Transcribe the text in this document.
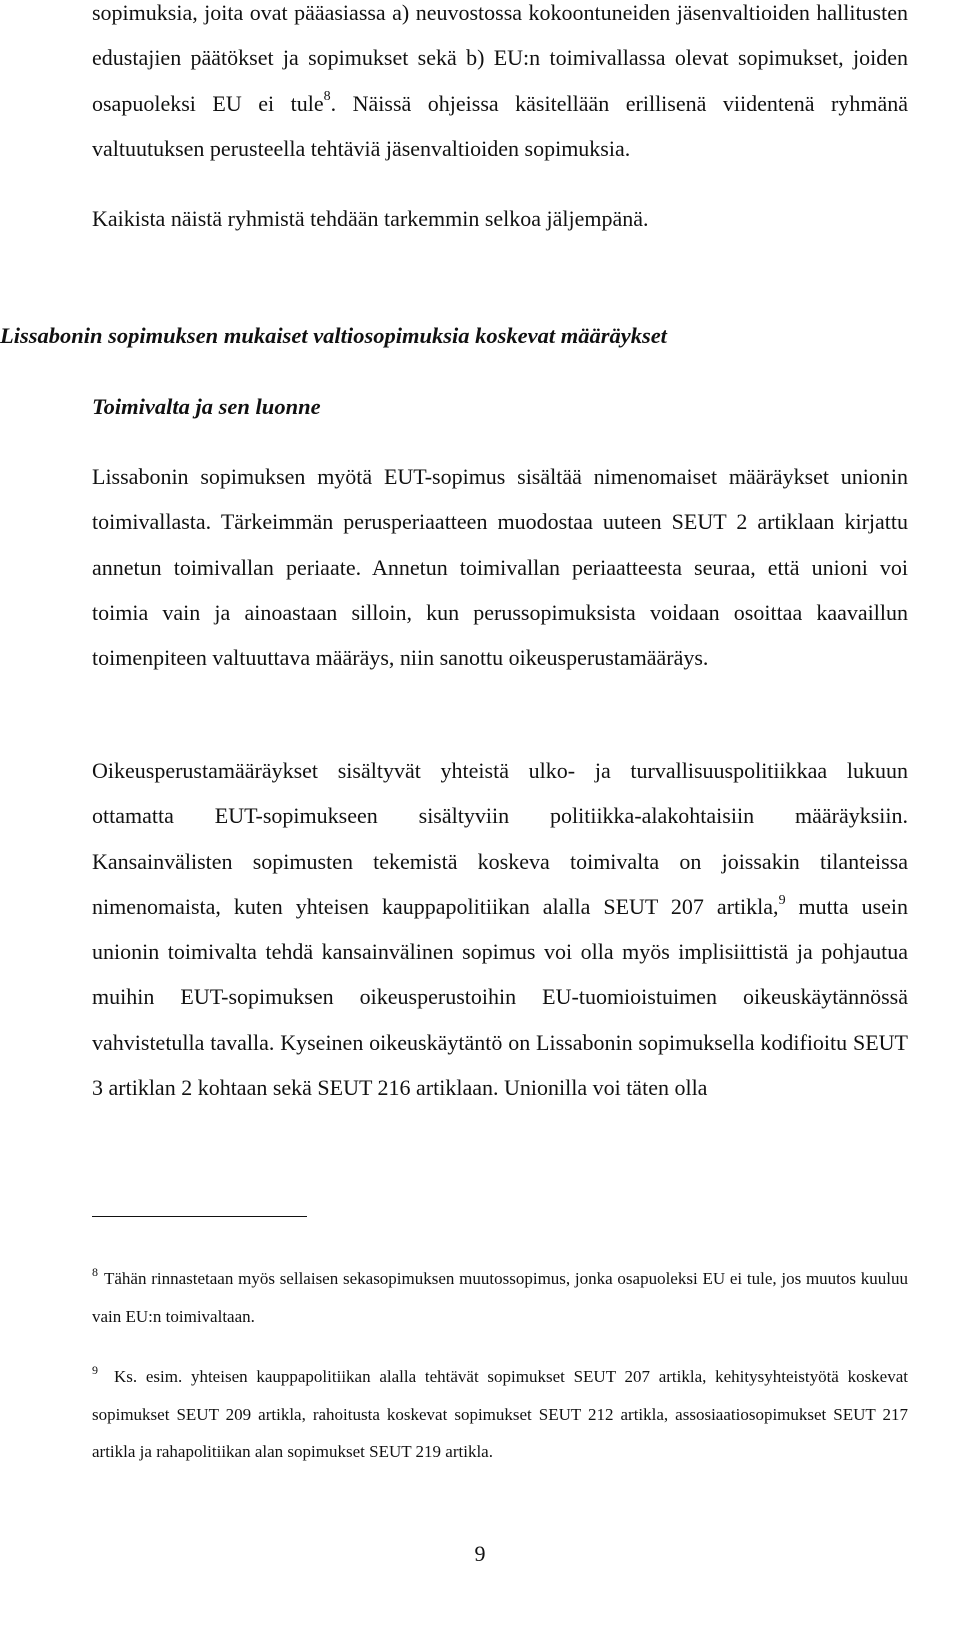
sopimuksia, joita ovat pääasiassa a) neuvostossa kokoontuneiden jäsenvaltioiden hallitusten edustajien päätökset ja sopimukset sekä b) EU:n toimivallassa olevat sopimukset, joiden osapuoleksi EU ei tule$^8$. Näissä ohjeissa käsitellään erillisenä viidentenä ryhmänä valtuutuksen perusteella tehtäviä jäsenvaltioiden sopimuksia.

Kaikista näistä ryhmistä tehdään tarkemmin selkoa jäljempänä.

Lissabonin sopimuksen mukaiset valtiosopimuksia koskevat määräykset
Toimivalta ja sen luonne

Lissabonin sopimuksen myötä EUT-sopimus sisältää nimenomaiset määräykset unionin toimivallasta. Tärkeimmän perusperiaatteen muodostaa uuteen SEUT 2 artiklaan kirjattu annetun toimivallan periaate. Annetun toimivallan periaatteesta seuraa, että unioni voi toimia vain ja ainoastaan silloin, kun perussopimuksista voidaan osoittaa kaavaillun toimenpiteen valtuuttava määräys, niin sanottu oikeusperustamääräys.

Oikeusperustamääräykset sisältyvät yhteistä ulko- ja turvallisuuspolitiikkaa lukuun ottamatta EUT-sopimukseen sisältyviin politiikka-alakohtaisiin määräyksiin. Kansainvälisten sopimusten tekemistä koskeva toimivalta on joissakin tilanteissa nimenomaista, kuten yhteisen kauppapolitiikan alalla SEUT 207 artikla,$^9$ mutta usein unionin toimivalta tehdä kansainvälinen sopimus voi olla myös implisiittistä ja pohjautua muihin EUT-sopimuksen oikeusperustoihin EU-tuomioistuimen oikeuskäytännössä vahvistetulla tavalla. Kyseinen oikeuskäytäntö on Lissabonin sopimuksella kodifioitu SEUT 3 artiklan 2 kohtaan sekä SEUT 216 artiklaan. Unionilla voi täten olla

$^8$ Tähän rinnastetaan myös sellaisen sekasopimuksen muutossopimus, jonka osapuoleksi EU ei tule, jos muutos kuuluu vain EU:n toimivaltaan.

$^9$ Ks. esim. yhteisen kauppapolitiikan alalla tehtävät sopimukset SEUT 207 artikla, kehitysyhteistyötä koskevat sopimukset SEUT 209 artikla, rahoitusta koskevat sopimukset SEUT 212 artikla, assosiaatiosopimukset SEUT 217 artikla ja rahapolitiikan alan sopimukset SEUT 219 artikla.

9
